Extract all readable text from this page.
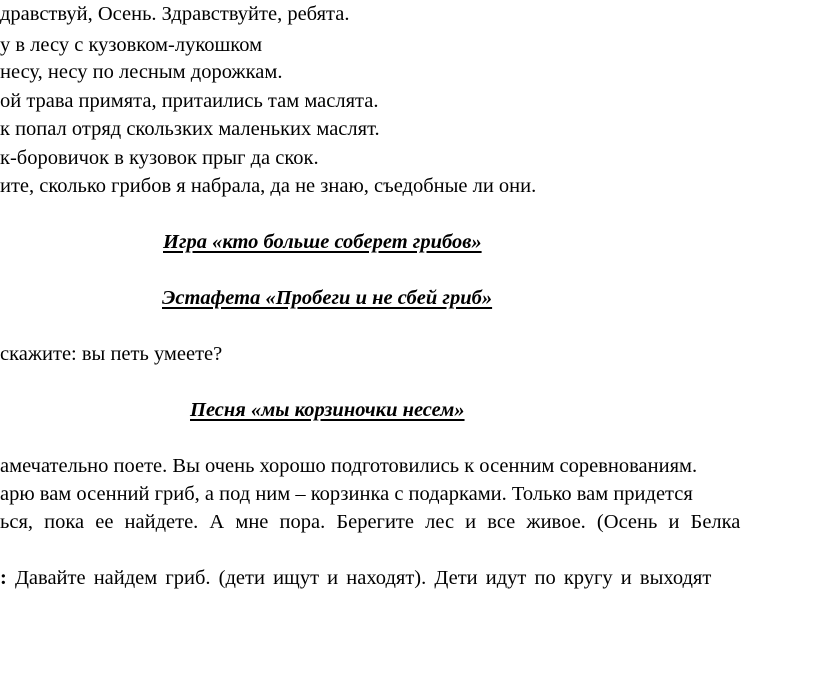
дравствуй, Осень. Здравствуйте, ребята.
у в лесу с кузовком-лукошком
несу, несу по лесным дорожкам.
ой трава примята, притаились там маслята.
к попал отряд скользких маленьких маслят.
к-боровичок в кузовок прыг да скок.
ите, сколько грибов я набрала, да не знаю, съедобные ли они.
Игра «кто больше соберет грибов»
Эстафета «Пробеги и не сбей гриб»
скажите: вы петь умеете?
Песня «мы корзиночки несем»
амечательно поете. Вы очень хорошо подготовились к осенним соревнованиям.
арю вам осенний гриб, а под ним – корзинка с подарками. Только вам придется
ься, пока ее найдете. А мне пора. Берегите лес и все живое. (Осень и Белка
: Давайте найдем гриб. (дети ищут и находят). Дети идут по кругу и выходят
